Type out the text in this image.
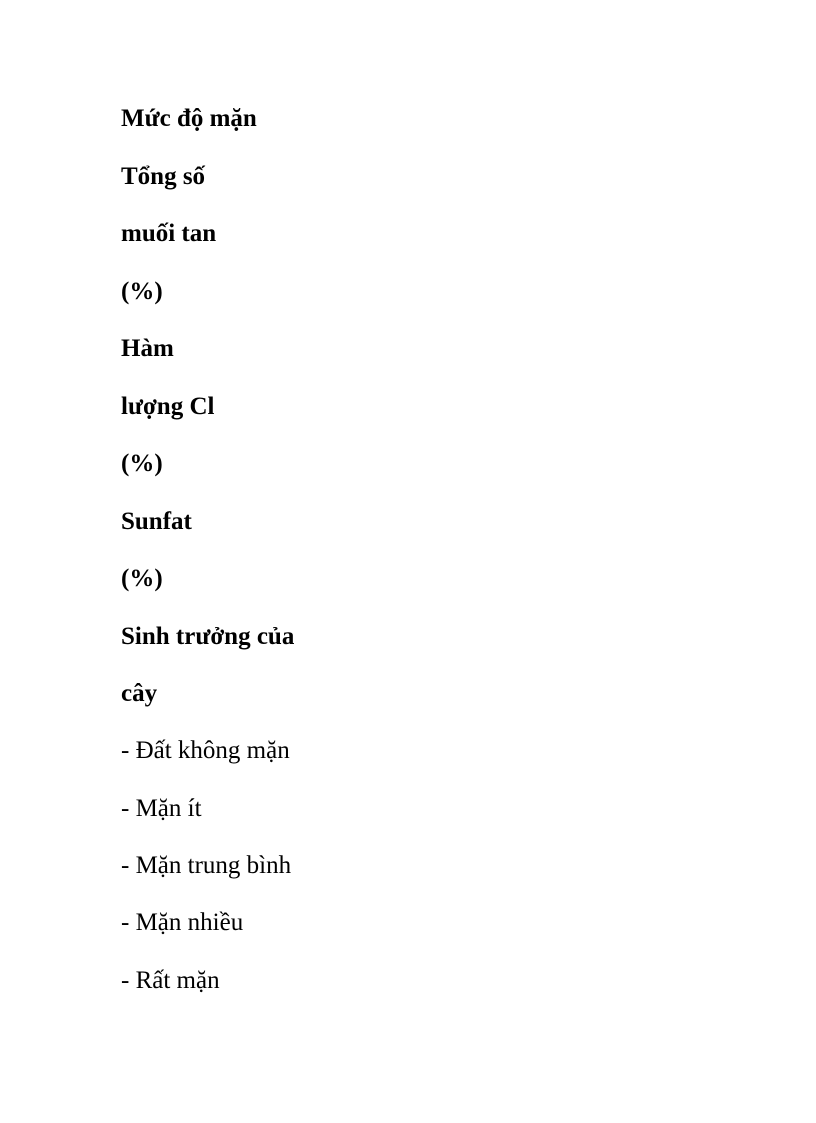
Mức độ mặn

Tổng số

muối tan

(%)

Hàm

lượng Cl

(%)

Sunfat

(%)

Sinh trưởng của

cây

- Đất không mặn

- Mặn ít

- Mặn trung bình

- Mặn nhiều

- Rất mặn
